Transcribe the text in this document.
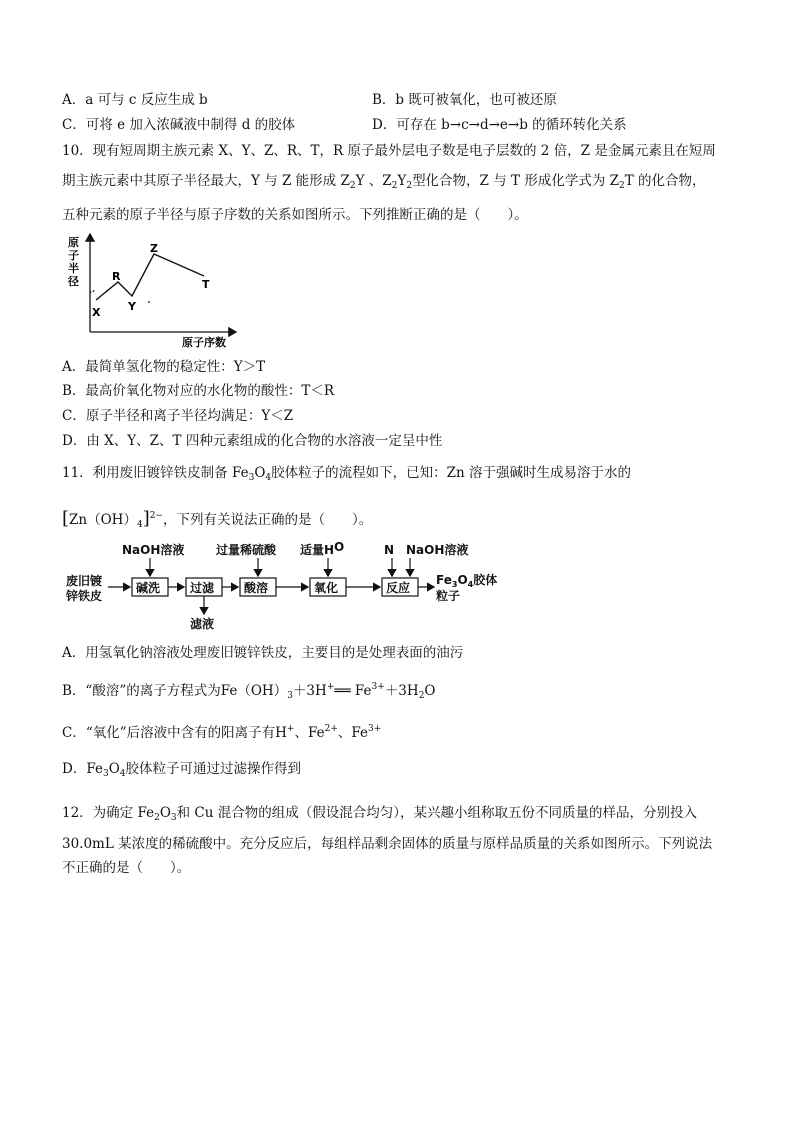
A．a 可与 c 反应生成 b	B．b 既可被氧化，也可被还原
C．可将 e 加入浓碱液中制得 d 的胶体	D．可存在 b→c→d→e→b 的循环转化关系
10．现有短周期主族元素 X、Y、Z、R、T，R 原子最外层电子数是电子层数的 2 倍，Z 是金属元素且在短周
期主族元素中其原子半径最大，Y 与 Z 能形成 $Z_2Y$ 、$Z_2Y_2$型化合物，Z 与 T 形成化学式为 $Z_2T$ 的化合物，
五种元素的原子半径与原子序数的关系如图所示。下列推断正确的是（　　）。
原
子
半
径
原子序数
X
R
Y
Z
T
A．最简单氢化物的稳定性：Y＞T
B．最高价氧化物对应的水化物的酸性：T＜R
C．原子半径和离子半径均满足：Y＜Z
D．由 X、Y、Z、T 四种元素组成的化合物的水溶液一定呈中性
11．利用废旧镀锌铁皮制备 $Fe_3O_4$胶体粒子的流程如下，已知：Zn 溶于强碱时生成易溶于水的
$[Zn(OH)_4]^{2-}$，下列有关说法正确的是（　　）。
废旧镀
锌铁皮
NaOH溶液	过量稀硫酸 适量HO	N NaOH溶液
碱洗 过滤 酸溶	氧化	反应
滤液
$Fe_3O_4$胶体
粒子
A．用氢氧化钠溶液处理废旧镀锌铁皮，主要目的是处理表面的油污
B．“酸溶”的离子方程式为$Fe(OH)_3+3H^+══$ $Fe^{3+}+3H_2O$
C．“氧化”后溶液中含有的阳离子有H+、$Fe^{2+}$、$Fe^{3+}$
D．$Fe_3O_4$胶体粒子可通过过滤操作得到
12．为确定 $Fe_2O_3$和 Cu 混合物的组成（假设混合均匀），某兴趣小组称取五份不同质量的样品，分别投入
30.0mL 某浓度的稀硫酸中。充分反应后，每组样品剩余固体的质量与原样品质量的关系如图所示。下列说法
不正确的是（　　）。
